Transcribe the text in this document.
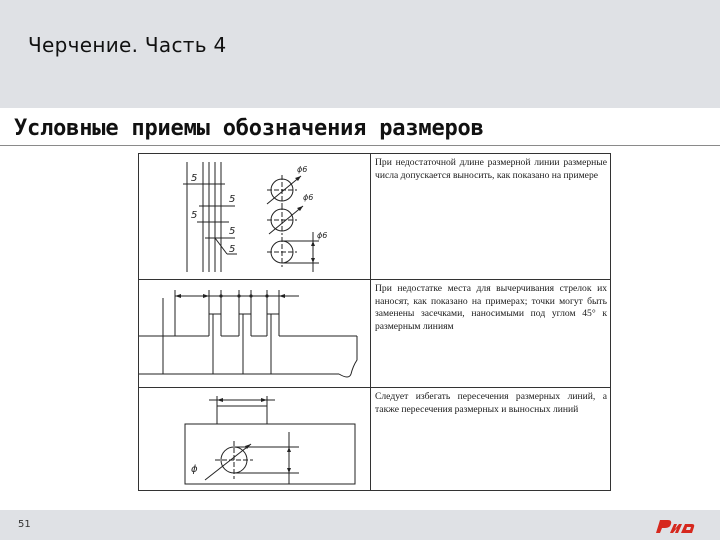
Черчение. Часть 4
Условные приемы обозначения размеров
5
5
5
5
5
ϕ6
ϕ6
ϕ6
При недостаточной длине размерной линии размерные числа допускается выносить, как показано на примере
При недостатке места для вычерчивания стрелок их наносят, как показано на примерах; точки могут быть заменены засечками, наносимыми под углом 45° к размерным линиям
ϕ
Следует избегать пересечения размерных линий, а также пересечения размерных и выносных линий
51
